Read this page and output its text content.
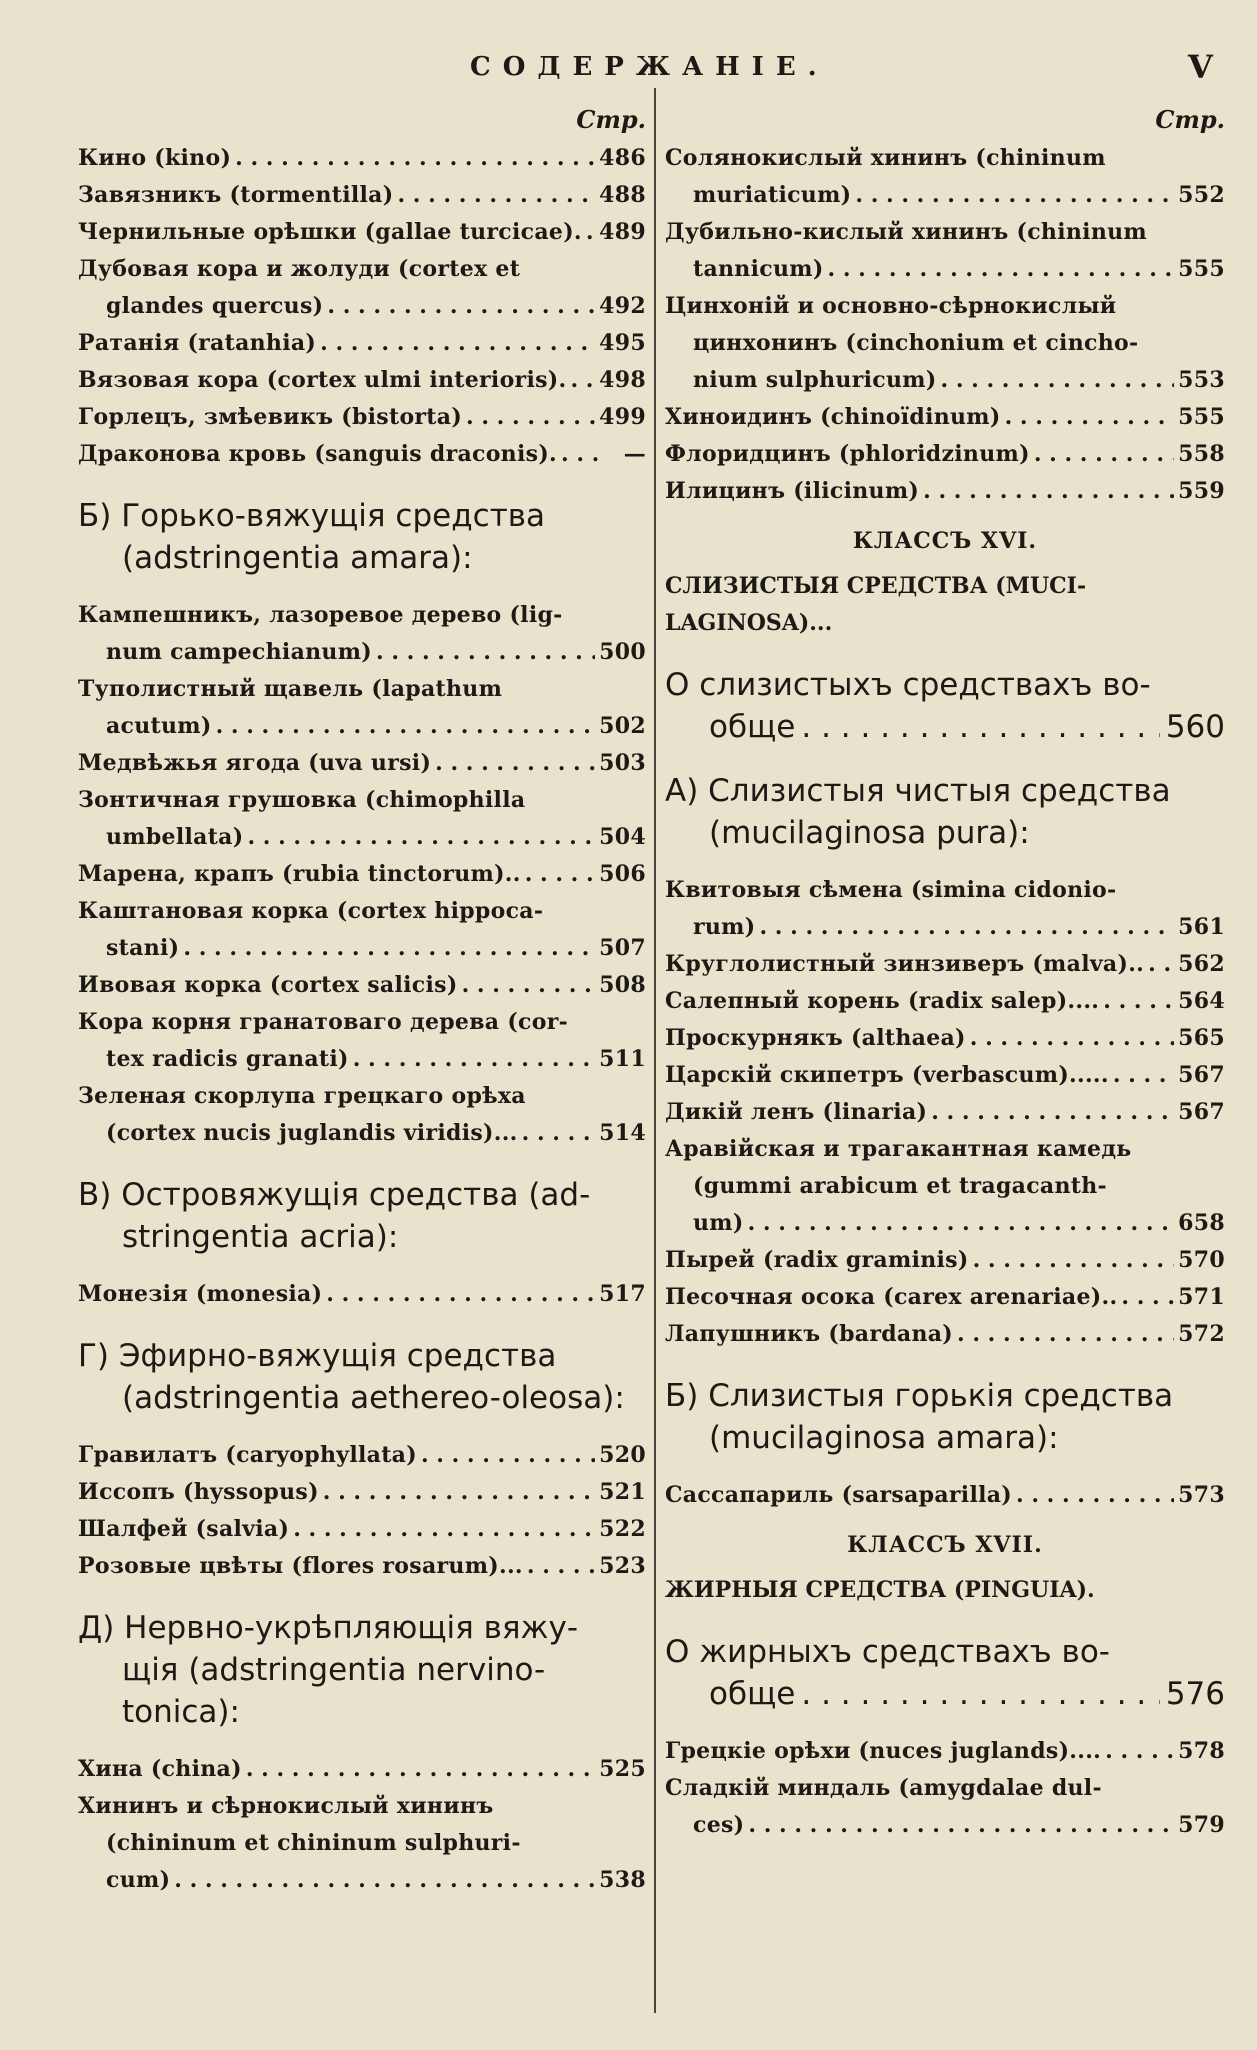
СОДЕРЖАНІЕ.	V
Стр.
Кино (kino) . . .	486
Завязникъ (tormentilla) . . .	488
Чернильные орѣшки (gallae turcicae). . . . 489
Дубовая кора и жолуди (cortex et
glandes quercus) . . .	492
Ратанія (ratanhia) . . .	495
Вязовая кора (cortex ulmi interioris). . . . 498
Горлецъ, змѣевикъ (bistorta) . . .	499
Драконова кровь (sanguis draconis). . . .	—
Б) Горько-вяжущія средства
(adstringentia amara):
Кампешникъ, лазоревое дерево (lig-
num campechianum) . . .	500
Туполистный щавель (lapathum
acutum) . . .	502
Медвѣжья ягода (uva ursi) . . .	503
Зонтичная грушовка (chimophilla
umbellata) . . .	504
Марена, крапъ (rubia tinctorum).. . . .	506
Каштановая корка (cortex hippoca-
stani) . . .	507
Ивовая корка (cortex salicis) . . .	508
Кора корня гранатоваго дерева (cor-
tex radicis granati) . . .	511
Зеленая скорлупа грецкаго орѣха
(cortex nucis juglandis viridis)... . . .	514
В) Островяжущія средства (ad-
stringentia acria):
Монезія (monesia) . . .	517
Г) Эфирно-вяжущія средства
(adstringentia aethereo-oleosa):
Гравилатъ (caryophyllata) . . .	520
Иссопъ (hyssopus) . . .	521
Шалфей (salvia) . . .	522
Розовые цвѣты (flores rosarum)... . . .	523
Д) Нервно-укрѣпляющія вяжу-
щія (adstringentia nervino-
tonica):
Хина (china) . . .	525
Хининъ и сѣрнокислый хининъ
(chininum et chininum sulphuri-
cum) . . .	538
Стр.
Солянокислый хининъ (chininum
muriaticum) . . .	552
Дубильно-кислый хининъ (chininum
tannicum) . . .	555
Цинхоній и основно-сѣрнокислый
цинхонинъ (cinchonium et cincho-
nium sulphuricum) . . .	553
Хиноидинъ (chinoïdinum) . . .	555
Флоридцинъ (phloridzinum) . . .	558
Илицинъ (ilicinum) . . .	559
КЛАССЪ XVI.
СЛИЗИСТЫЯ СРЕДСТВА (MUCI-
LAGINOSA)...
О слизистыхъ средствахъ во-
обще . . .	560
А) Слизистыя чистыя средства
(mucilaginosa pura):
Квитовыя сѣмена (simina cidonio-
rum) . . .	561
Круглолистный зинзиверъ (malva).. . . . 562
Салепный корень (radix salep).... . . .	564
Проскурнякъ (althaea) . . .	565
Царскій скипетръ (verbascum)..... . . .	567
Дикій ленъ (linaria) . . .	567
Аравійская и трагакантная камедь
(gummi arabicum et tragacanth-
um) . . .	658
Пырей (radix graminis) . . .	570
Песочная осока (carex arenariae).. . . .	571
Лапушникъ (bardana) . . .	572
Б) Слизистыя горькія средства
(mucilaginosa amara):
Сассапариль (sarsaparilla) . . .	573
КЛАССЪ XVII.
ЖИРНЫЯ СРЕДСТВА (PINGUIA).
О жирныхъ средствахъ во-
обще . . .	576
Грецкіе орѣхи (nuces juglands).... . . .	578
Сладкій миндаль (amygdalae dul-
ces) . . .	579
